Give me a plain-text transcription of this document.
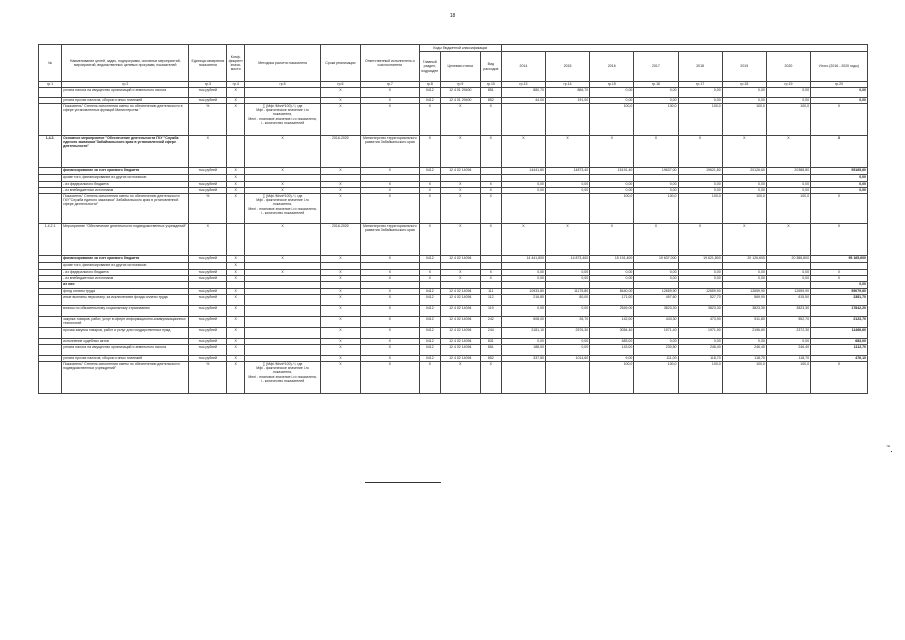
18
№	Наименование целей, задач, подпрограмм, основных мероприятий, мероприятий, ведомственных целевых программ, показателей	Единица измерения показателя	Коэф-фициент значи-мости	Методика расчета показателя	Сроки реализации	Ответственный исполнитель и соисполнители	Коды бюджетной классификации										
							Главный раздел, подраздел	Целевая статья	Вид расходов	2014	2015	2016	2017	2018	2019	2020	Итого (2016 - 2020 годы)
гр.1	гр.2	гр.3	гр.4	гр.5	гр.6	гр.7	гр.8	гр.9	гр.10	гр.13	гр.14	гр.15	гр.16	гр.17	гр.18	гр.19	гр.20
	уплата налога на имущество организаций и земельного налога	тыс.рублей	Х		Х	Х	0412	12 4 01 29400	851	880,70	866,70	0,00	0,00	0,00	0,00	0,00	0,00
	уплата прочих налогов, сборов и иных платежей	тыс.рублей	Х		Х	Х	0412	12 4 01 29400	852	44,00	191,00	0,00	0,00	0,00	0,00	0,00	0,00
	Показатель" Степень исполнения сметы по обеспечению деятельности в сфере установленных функций Министерства "	%	Х	∑ (Мфi /Мплi*100) / i, где
Мфi - фактическое значение i-го показателя,
Мплi - плановое значение i-го показателя,
i - количество показателей	Х	Х	Х	Х	Х			100,0	100,0	100,0	100,0	100,0	Х
1.4.2.	Основное мероприятие "Обеспечение деятельности ГКУ "Служба единого заказчика"Забайкальского края в установленной сфере деятельности"	Х		Х	2016-2020	Министерство территориального развития Забайкальского края	Х	Х	Х	Х	Х	Х	Х	Х	Х	Х	Х
	финансирование за счет краевого бюджета	тыс.рублей	Х	Х	Х	Х	0412	12 4 02 14094		14441,80	14873,40	15191,40	19637,00	19621,80	20126,60	20388,80	95165,60
	кроме того, финансирование из других источников:		Х														0,00
	- из федерального бюджета	тыс.рублей	Х	Х	Х	Х	Х	Х	Х	0,00	0,00	0,00	0,00	0,00	0,00	0,00	0,00
	- из внебюджетных источников	тыс.рублей	Х	Х	Х	Х	Х	Х	Х	0,00	0,00	0,00	0,00	0,00	0,00	0,00	0,00
	Показатель" Степень исполнения сметы по обеспечению деятельности ГКУ"Служба единого заказчика" Забайкальского края в установленной сфере деятельности"	%	Х	∑ (Мфi /Мплi*100) / i, где
Мфi - фактическое значение i-го показателя,
Мплi - плановое значение i-го показателя,
i - количество показателей	Х	Х	Х	Х	Х			100,0	100,0	100,0	100,0	100,0	Х
1.4.2.1	Мероприятие "Обеспечение деятельности подведомственных учреждений"	Х		Х	2016-2020	Министерство территориального развития Забайкальского края	Х	Х	Х	Х	Х	Х	Х	Х	Х	Х	Х
	финансирование за счет краевого бюджета	тыс.рублей	Х	Х	Х	Х	0412	12 4 02 14094		14 441,800	14 873,400	15 191,400	19 637,000	19 621,800	20 126,600	20 388,800	95 165,600
	кроме того, финансирование из других источников:		Х														
	- из федерального бюджета	тыс.рублей	Х	Х	Х	Х	Х	Х	Х	0,00	0,00	0,00	0,00	0,00	0,00	0,00	Х
	- из внебюджетных источников	тыс.рублей	Х		Х	Х	Х	Х	Х	0,00	0,00	0,00	0,00	0,00	0,00	0,00	Х
	из них:																0,00
	фонд оплаты труда	тыс.рублей	Х		Х	Х	0412	12 4 02 14094	111	10933,80	11175,80	8440,00	12659,90	12659,90	12659,90	12659,90	59079,60
	иные выплаты персоналу, за исключением фонда оплаты труда	тыс.рублей	Х		Х	Х	0412	12 4 02 14094	112	216,80	80,00	171,00	497,60	527,70	569,90	615,50	2381,70
	взносы по обязательному социальному страхованию	тыс.рублей	Х		Х	Х	0412	12 4 02 14094	119	0,00	0,00	2549,00	3823,30	3823,30	3823,30	3823,30	17842,20
	закупка товаров, работ, услуг в сфере информационно-коммуникационных технологий	тыс.рублей	Х		Х	Х	0412	12 4 02 14094	242	608,00	26,70	142,00	443,30	473,90	511,80	552,70	2123,70
	прочая закупка товаров, работ и услуг для государственных нужд	тыс.рублей	Х		Х	Х	0412	12 4 02 14094	244	2181,10	2576,30	3054,40	1971,40	1971,90	2196,60	2372,30	11466,60
	исполнение судебных актов	тыс.рублей	Х		Х	Х	0412	12 4 02 14094	831	0,00	0,00	683,00	0,00	0,00	0,00	0,00	683,00
	уплата налога на имущество организаций и земельного налога	тыс.рублей	Х		Х	Х	0412	12 4 02 14094	851	188,00	0,00	143,00	230,50	246,40	246,40	246,40	1112,70
	уплата прочих налогов, сборов и иных платежей	тыс.рублей	Х		Х	Х	0412	12 4 02 14094	852	337,50	1014,60	9,00	111,00	118,70	118,70	118,70	476,10
	Показатель" Степень исполнения сметы по обеспечению деятельности подведомственных учреждений"	%	Х	∑ (Мфi /Мплi*100) / i, где
Мфi - фактическое значение i-го показателя,
Мплi - плановое значение i-го показателя,
i - количество показателей	Х	Х	Х	Х	Х			100,0	100,0	100,0	100,0	100,0	Х
™
